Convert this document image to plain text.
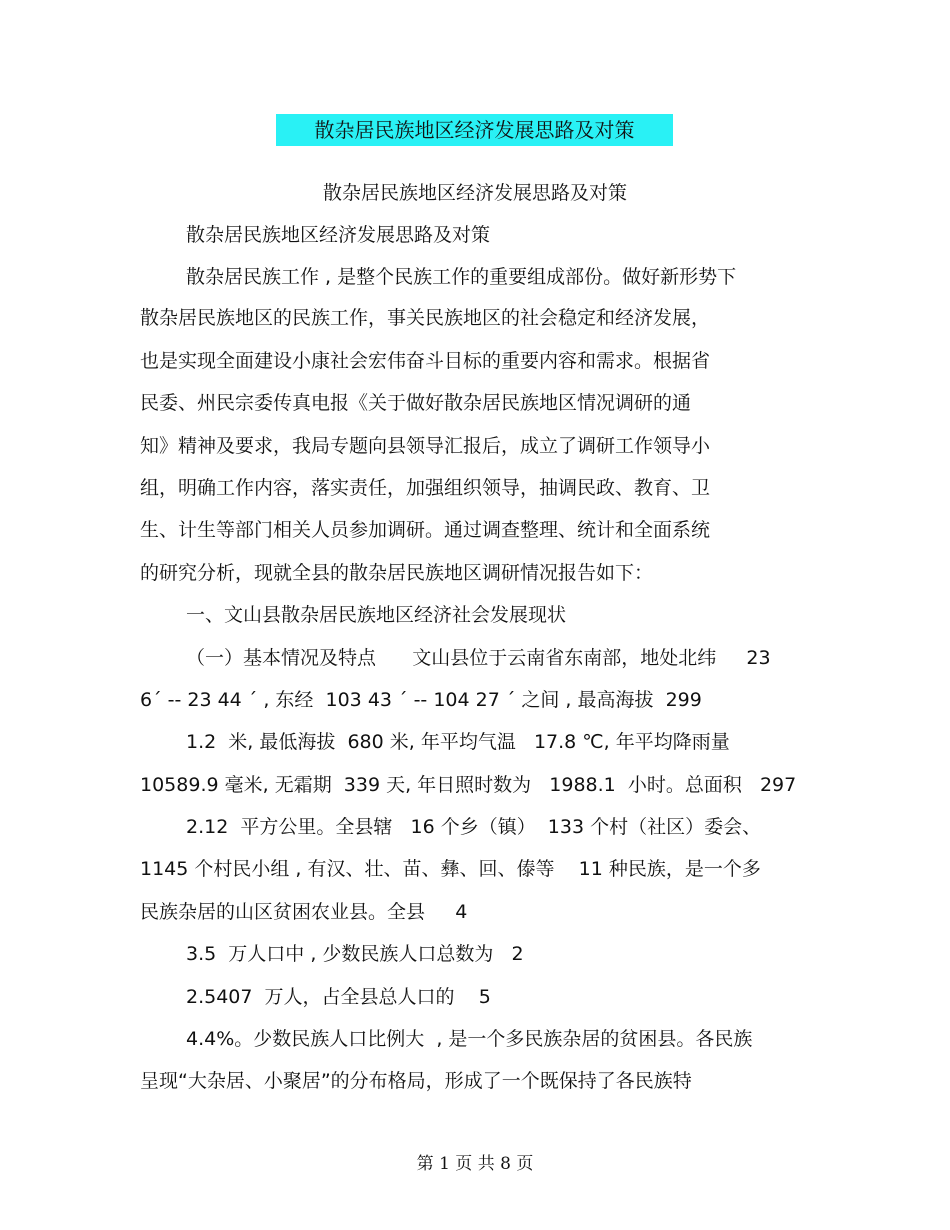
散杂居民族地区经济发展思路及对策
散杂居民族地区经济发展思路及对策
散杂居民族地区经济发展思路及对策
散杂居民族工作 , 是整个民族工作的重要组成部份。做好新形势下
散杂居民族地区的民族工作，事关民族地区的社会稳定和经济发展，
也是实现全面建设小康社会宏伟奋斗目标的重要内容和需求。根据省
民委、州民宗委传真电报《关于做好散杂居民族地区情况调研的通
知》精神及要求，我局专题向县领导汇报后，成立了调研工作领导小
组，明确工作内容，落实责任，加强组织领导，抽调民政、教育、卫
生、计生等部门相关人员参加调研。通过调查整理、统计和全面系统
的研究分析，现就全县的散杂居民族地区调研情况报告如下：
一、文山县散杂居民族地区经济社会发展现状
（一）基本情况及特点      文山县位于云南省东南部，地处北纬     23
6ˊ -- 23 44 ˊ , 东经  103 43 ˊ -- 104 27 ˊ 之间 , 最高海拔  299
1.2  米, 最低海拔  680 米, 年平均气温   17.8 ℃, 年平均降雨量
10589.9 毫米, 无霜期  339 天, 年日照时数为   1988.1  小时。总面积   297
2.12  平方公里。全县辖   16 个乡（镇）  133 个村（社区）委会、
1145 个村民小组 , 有汉、壮、苗、彝、回、傣等    11 种民族，是一个多
民族杂居的山区贫困农业县。全县     4
3.5  万人口中 , 少数民族人口总数为   2
2.5407  万人，占全县总人口的    5
4.4%。少数民族人口比例大  , 是一个多民族杂居的贫困县。各民族
呈现“大杂居、小聚居”的分布格局，形成了一个既保持了各民族特
第 1 页 共 8 页
